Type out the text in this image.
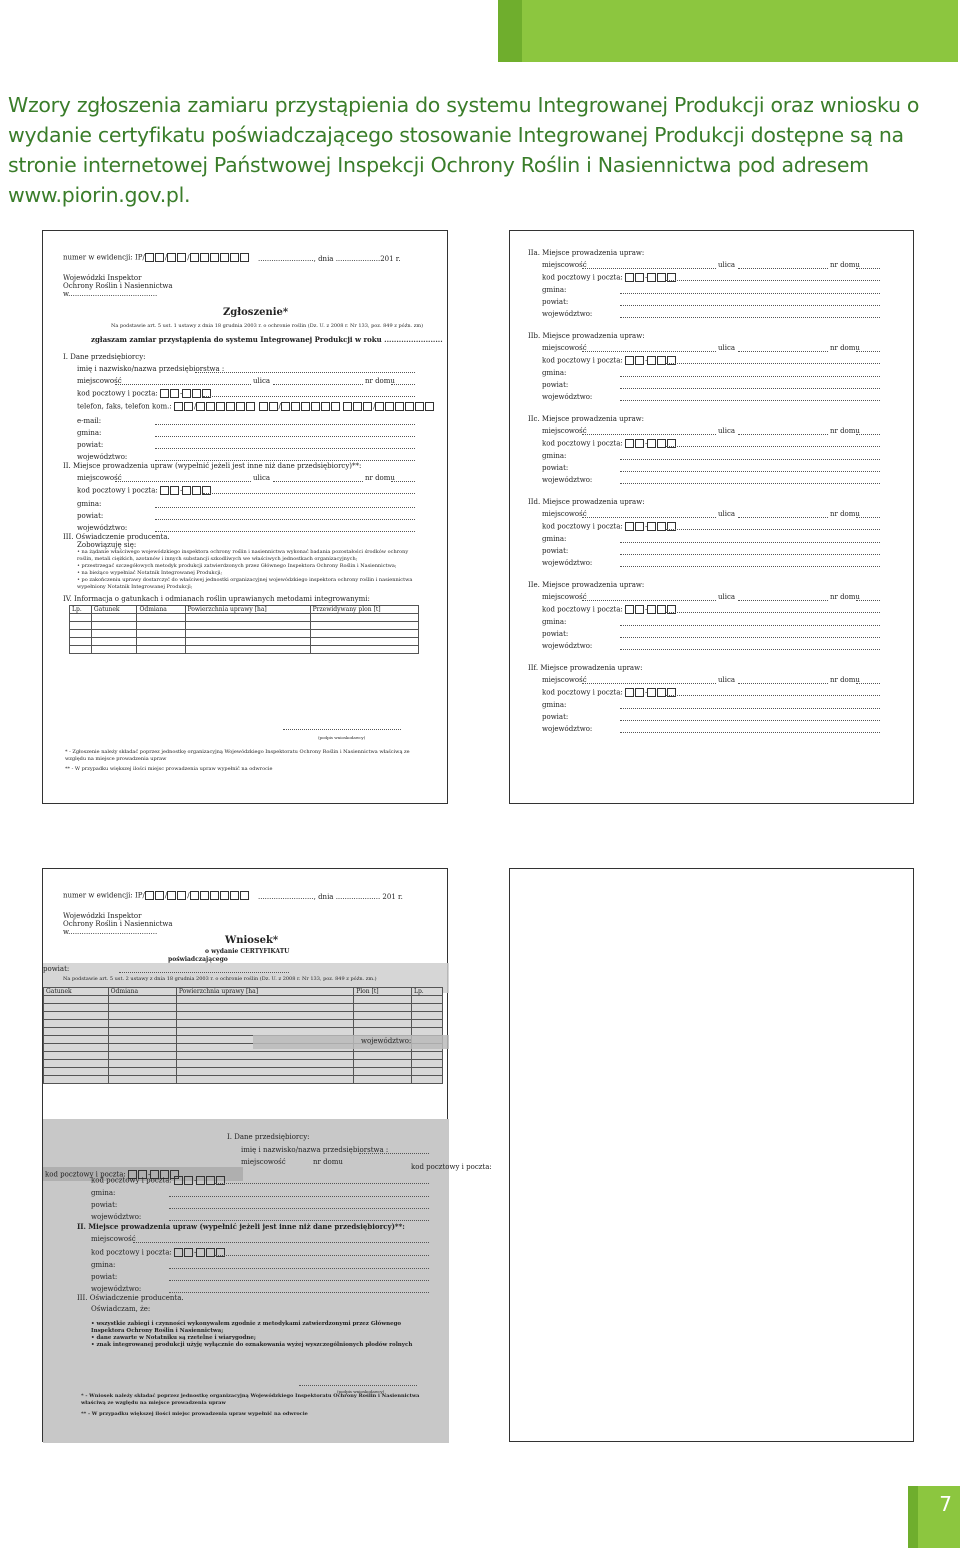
Wzory zgłoszenia zamiaru przystąpienia do systemu Integrowanej Produkcji oraz wniosku o wydanie certyfikatu poświadczającego stosowanie Integrowanej Produkcji dostępne są na stronie internetowej Państwowej Inspekcji Ochrony Roślin i Nasiennictwa pod adresem www.piorin.gov.pl.

numer w ewidencji: IP/	/	/	........................., dnia ....................201 r.
Wojewódzki Inspektor
Ochrony Roślin i Nasiennictwa
w........................................
Zgłoszenie*
Na podstawie art. 5 ust. 1 ustawy z dnia 18 grudnia 2003 r. o ochronie roślin (Dz. U. z 2008 r. Nr 133, poz. 849 z późn. zm)
zgłaszam zamiar przystąpienia do systemu Integrowanej Produkcji w roku ........................
I. Dane przedsiębiorcy:
imię i nazwisko/nazwa przedsiębiorstwa :
miejscowość	ulica	nr domu
kod pocztowy i poczta:	-
telefon, faks, telefon kom.:	/	/	/
e-mail:
gmina:
powiat:
województwo:
II. Miejsce prowadzenia upraw (wypełnić jeżeli jest inne niż dane przedsiębiorcy)**:
miejscowość	ulica	nr domu
kod pocztowy i poczta:	-
gmina:
powiat:
województwo:
III. Oświadczenie producenta.
Zobowiązuję się:
• na żądanie właściwego wojewódzkiego inspektora ochrony roślin i nasiennictwa wykonać badania pozostałości środków ochrony roślin, metali ciężkich, azotanów i innych substancji szkodliwych we właściwych jednostkach organizacyjnych;
• przestrzegać szczegółowych metodyk produkcji zatwierdzonych przez Głównego Inspektora Ochrony Roślin i Nasiennictwa;
• na bieżąco wypełniać Notatnik Integrowanej Produkcji;
• po zakończeniu uprawy dostarczyć do właściwej jednostki organizacyjnej wojewódzkiego inspektora ochrony roślin i nasiennictwa wypełniony Notatnik Integrowanej Produkcji;
IV. Informacja o gatunkach i odmianach roślin uprawianych metodami integrowanymi:
Lp.	Gatunek	Odmiana	Powierzchnia uprawy [ha]	Przewidywany plon [t]

(podpis wnioskodawcy)
* - Zgłoszenie należy składać poprzez jednostkę organizacyjną Wojewódzkiego Inspektoratu Ochrony Roślin i Nasiennictwa właściwą ze względu na miejsce prowadzenia upraw
** - W przypadku większej ilości miejsc prowadzenia upraw wypełnić na odwrocie
IIa. Miejsce prowadzenia upraw:
miejscowość	ulica	nr domu
kod pocztowy i poczta:	-
gmina:
powiat:
województwo:
IIb. Miejsce prowadzenia upraw:
miejscowość	ulica	nr domu
kod pocztowy i poczta:	-
gmina:
powiat:
województwo:
IIc. Miejsce prowadzenia upraw:
miejscowość	ulica	nr domu
kod pocztowy i poczta:	-
gmina:
powiat:
województwo:
IId. Miejsce prowadzenia upraw:
miejscowość	ulica	nr domu
kod pocztowy i poczta:	-
gmina:
powiat:
województwo:
IIe. Miejsce prowadzenia upraw:
miejscowość	ulica	nr domu
kod pocztowy i poczta:	-
gmina:
powiat:
województwo:
IIf. Miejsce prowadzenia upraw:
miejscowość	ulica	nr domu
kod pocztowy i poczta:	-
gmina:
powiat:
województwo:
numer w ewidencji: IP/	/	/	........................., dnia .................... 201 r.
Wojewódzki Inspektor
Ochrony Roślin i Nasiennictwa
w........................................
Wniosek*
o wydanie CERTYFIKATU
poświadczającego
powiat:
Na podstawie art. 5 ust. 2 ustawy z dnia 18 grudnia 2003 r. o ochronie roślin (Dz. U. z 2008 r. Nr 133, poz. 849 z późn. zm.)
Gatunek	Odmiana	Powierzchnia uprawy [ha]	Plon [t]	Lp.

województwo:
I. Dane przedsiębiorcy:
imię i nazwisko/nazwa przedsiębiorstwa :
miejscowość	nr domu
kod pocztowy i poczta:
kod pocztowy i poczta:	-
kod pocztowy i poczta:	-
gmina:
powiat:
województwo:
II. Miejsce prowadzenia upraw (wypełnić jeżeli jest inne niż dane przedsiębiorcy)**:
miejscowość
kod pocztowy i poczta:	-
gmina:
powiat:
województwo:
III. Oświadczenie producenta.
Oświadczam, że:
• wszystkie zabiegi i czynności wykonywałem zgodnie z metodykami zatwierdzonymi przez Głównego Inspektora Ochrony Roślin i Nasiennictwa;
• dane zawarte w Notatniku są rzetelne i wiarygodne;
• znak integrowanej produkcji użyję wyłącznie do oznakowania wyżej wyszczególnionych płodów rolnych
(podpis wnioskodawcy)
* - Wniosek należy składać poprzez jednostkę organizacyjną Wojewódzkiego Inspektoratu Ochrony Roślin i Nasiennictwa właściwą ze względu na miejsce prowadzenia upraw
** - W przypadku większej ilości miejsc prowadzenia upraw wypełnić na odwrocie
7
